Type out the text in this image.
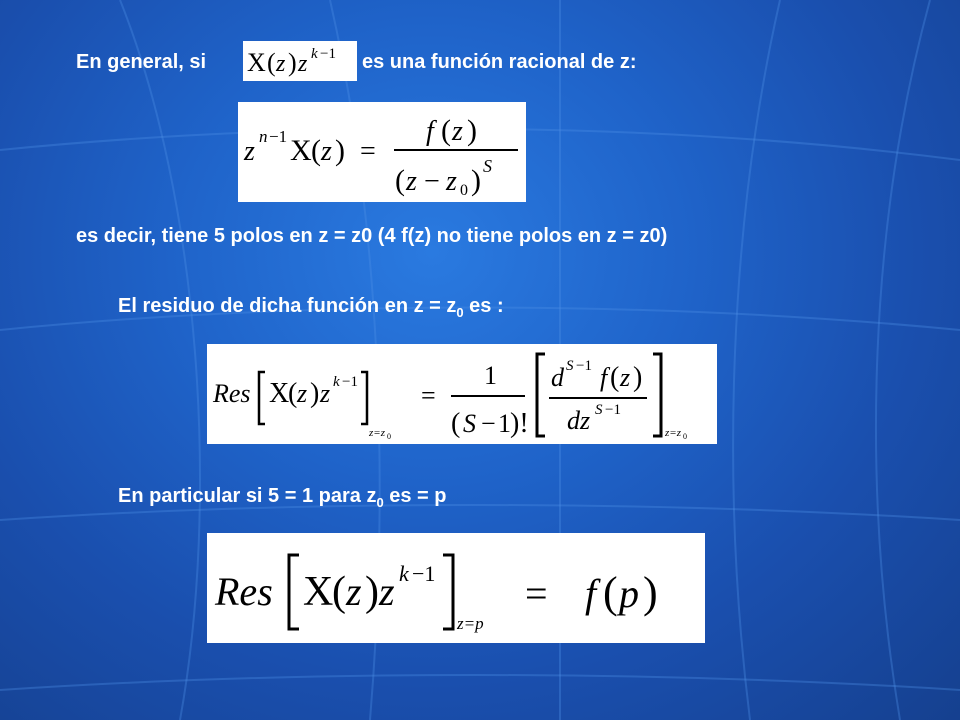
En general, si X ( z ) z k −1 es una función racional de z:
z n −1 X ( z ) =
f ( z )
( z − z 0 ) S
es decir, tiene 5 polos en z = z0 (4 f(z) no tiene polos en z = z0)
El residuo de dicha función en $z = z_0$ es :
Res X
( z ) z k −1
z=z 0
=
1
( S − 1 )!
d S −1 f ( z )
dz S −1
z=z 0
En particular si 5 = 1 para $z_0$ es = p
Res X
( z ) z k −1
z=p
= f ( p )
